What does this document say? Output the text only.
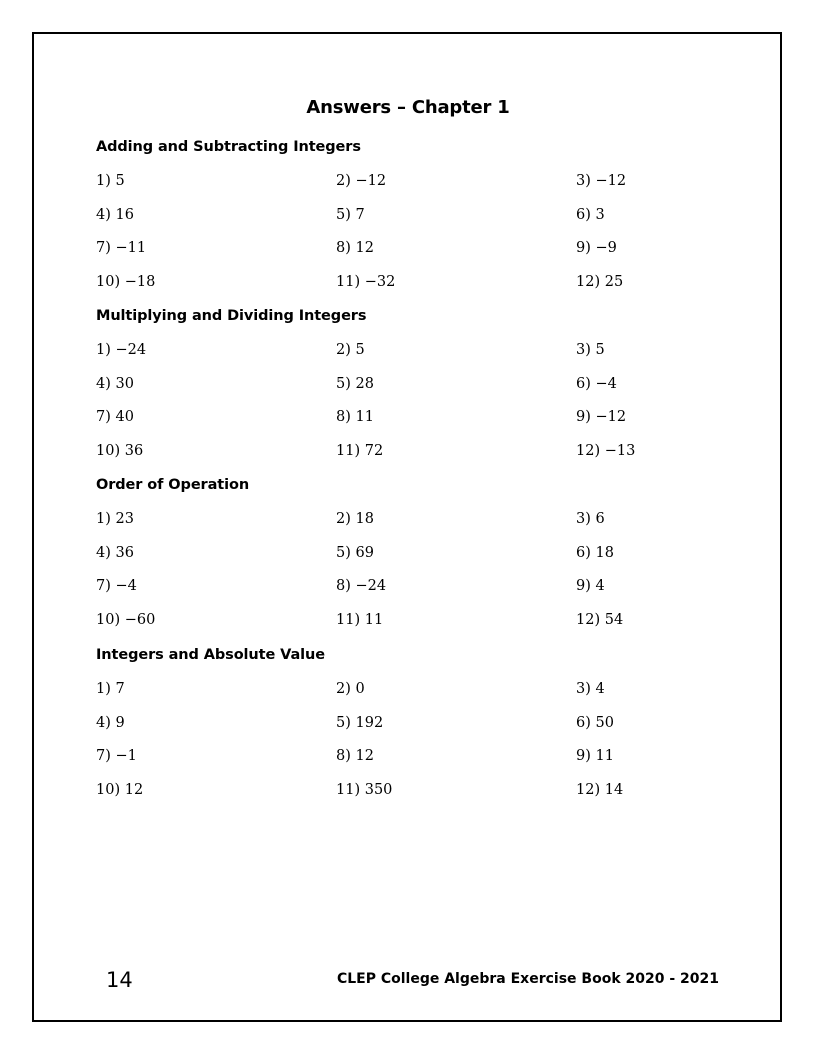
Answers – Chapter 1
Adding and Subtracting Integers
1) 5	2) −12	3) −12
4) 16	5) 7	6) 3
7) −11	8) 12	9) −9
10) −18	11) −32	12) 25
Multiplying and Dividing Integers
1) −24	2) 5	3) 5
4) 30	5) 28	6) −4
7) 40	8) 11	9) −12
10) 36	11) 72	12) −13
Order of Operation
1) 23	2) 18	3) 6
4) 36	5) 69	6) 18
7) −4	8) −24	9) 4
10) −60	11) 11	12) 54
Integers and Absolute Value
1) 7	2) 0	3) 4
4) 9	5) 192	6) 50
7) −1	8) 12	9) 11
10) 12	11) 350	12) 14
14	CLEP College Algebra Exercise Book 2020 - 2021
